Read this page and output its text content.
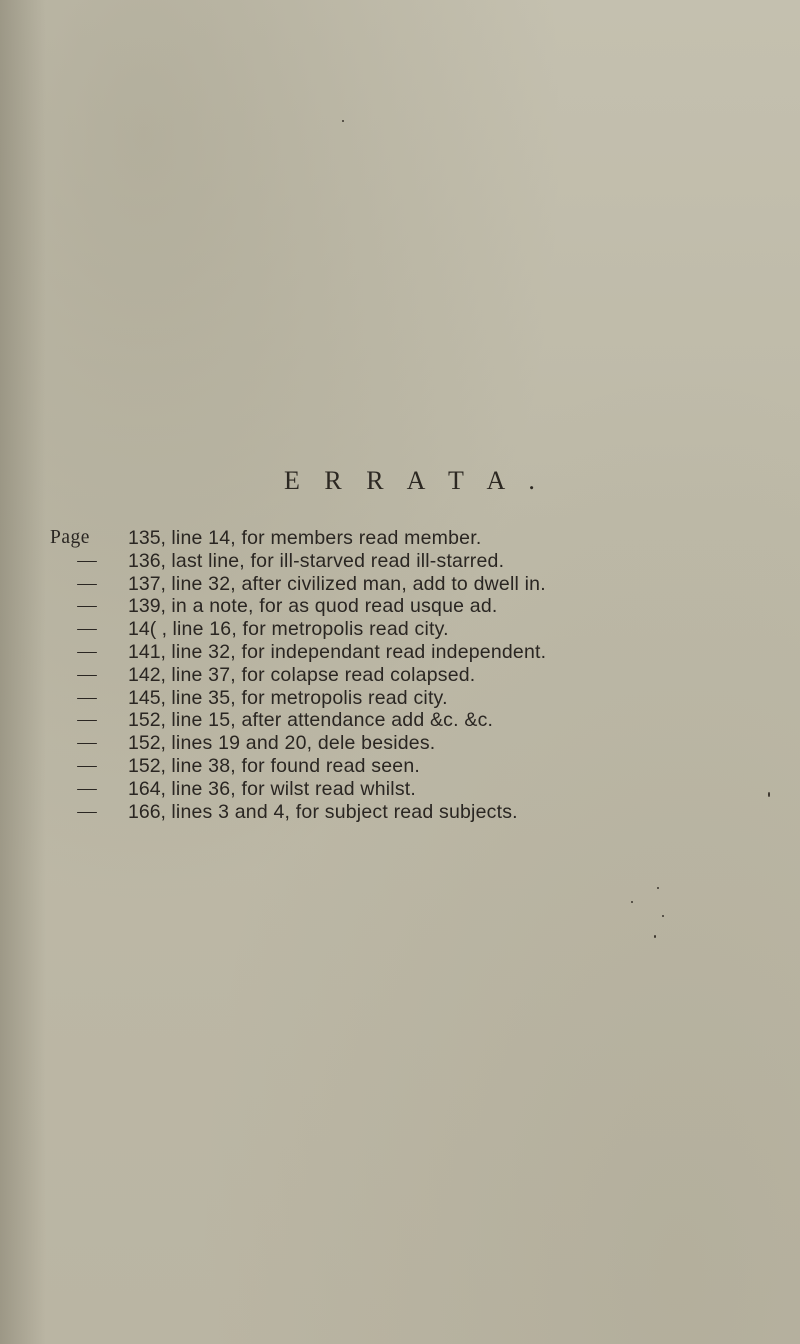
E R R A T A .
Page	135, line 14, for members read member.
—	136, last line, for ill-starved read ill-starred.
—	137, line 32, after civilized man, add to dwell in.
—	139, in a note, for as quod read usque ad.
—	14( , line 16, for metropolis read city.
—	141, line 32, for independant read independent.
—	142, line 37, for colapse read colapsed.
—	145, line 35, for metropolis read city.
—	152, line 15, after attendance add &c. &c.
—	152, lines 19 and 20, dele besides.
—	152, line 38, for found read seen.
—	164, line 36, for wilst read whilst.
—	166, lines 3 and 4, for subject read subjects.
